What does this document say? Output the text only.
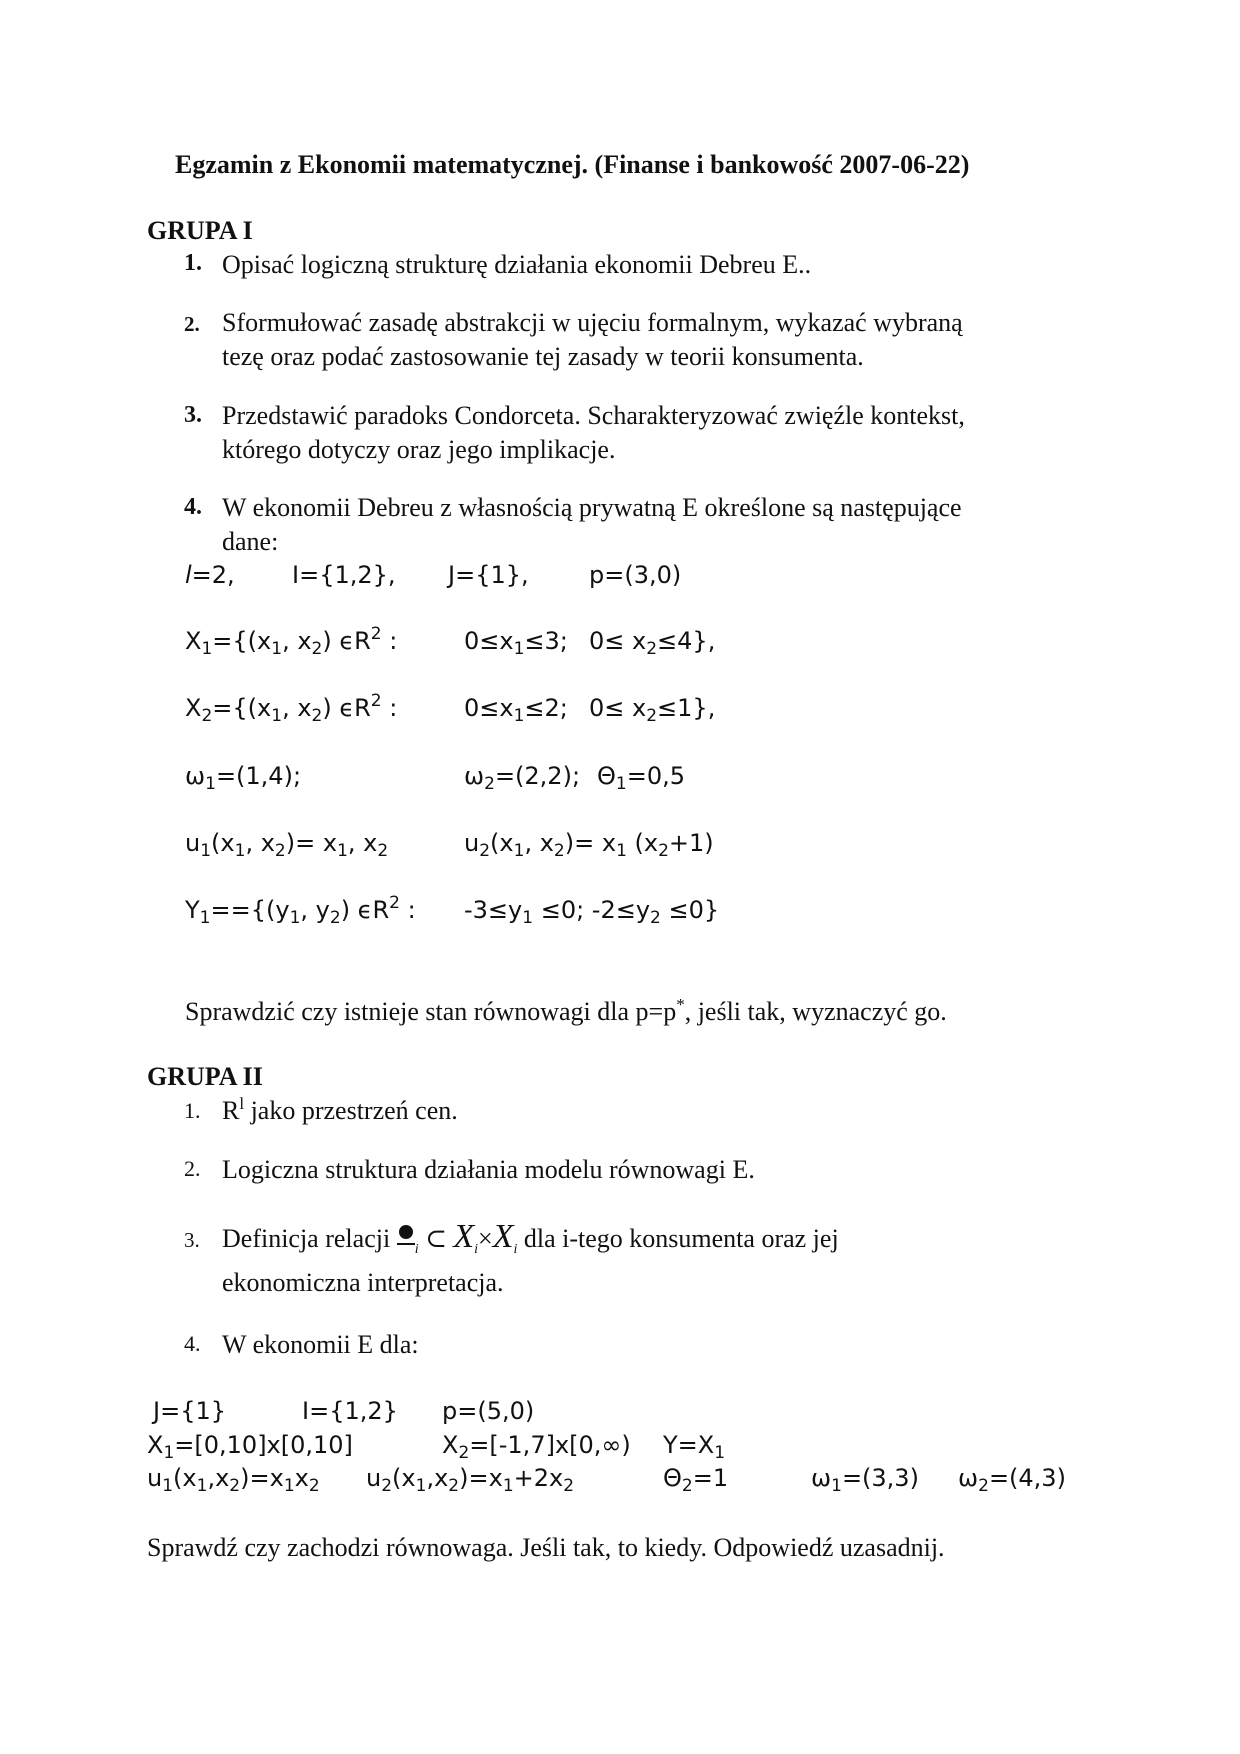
Egzamin z Ekonomii matematycznej. (Finanse i bankowość 2007-06-22)
GRUPA I
1. Opisać logiczną strukturę działania ekonomii Debreu E..
2. Sformułować zasadę abstrakcji w ujęciu formalnym, wykazać wybraną
tezę oraz podać zastosowanie tej zasady w teorii konsumenta.
3. Przedstawić paradoks Condorceta. Scharakteryzować zwięźle kontekst,
którego dotyczy oraz jego implikacje.
4. W ekonomii Debreu z własnością prywatną E określone są następujące
dane:
l=2, I={1,2}, J={1},	p=(3,0)
$X_1=\{(x_1$, $x_2$) $\epsilon R^2$ :	$0\le x_1\le 3$; $0\le x_2\le 4$},
$X_2=\{(x_1$, $x_2$) $\epsilon R^2$ :	$0\le x_1\le 2$; $0\le x_2\le 1$},
$\omega_1=(1,4)$;	$\omega_2=(2,2)$; $\Theta_1=0,5$
$u_1(x_1$, $x_2)= x_1$, $x_2$	$u_2(x_1$, $x_2)= x_1$ $(x_2+1)$
$Y_1==\{(y_1$, $y_2$) $\epsilon R^2$ : $-3\le y_1 \le 0$; $-2\le y_2 \le 0$}
Sprawdzić czy istnieje stan równowagi dla p=p*, jeśli tak, wyznaczyć go.
GRUPA II
1. $R^l$ jako przestrzeń cen.
2. Logiczna struktura działania modelu równowagi E.
3. Definicja relacji
$_i$ ⊂ $X_i\times X_i$ dla i-tego konsumenta oraz jej
ekonomiczna interpretacja.
4. W ekonomii E dla:
J={1}	I={1,2} p=(5,0)
$X_1=[0,10]x[0,10]$	$X_2=[-1,7]x[0,\infty)$ $Y=X_1$
$u_1(x_1,x_2)=x_1x_2$ $u_2(x_1,x_2)=x_1+2x_2$	$\Theta_2=1$	$\omega_1=(3,3)$ $\omega_2=(4,3)$
Sprawdź czy zachodzi równowaga. Jeśli tak, to kiedy. Odpowiedź uzasadnij.
